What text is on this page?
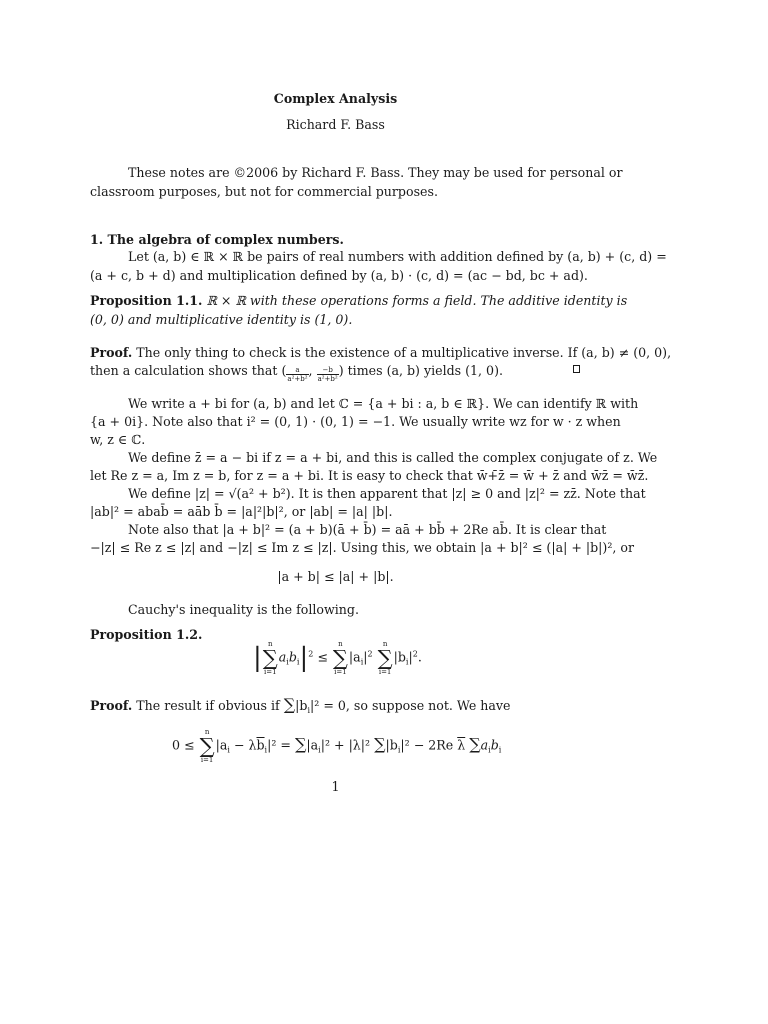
Complex Analysis
Richard F. Bass
These notes are ©2006 by Richard F. Bass. They may be used for personal or
classroom purposes, but not for commercial purposes.
1. The algebra of complex numbers.
Let (a, b) ∈ ℝ × ℝ be pairs of real numbers with addition defined by (a, b) + (c, d) =
(a + c, b + d) and multiplication defined by (a, b) · (c, d) = (ac − bd, bc + ad).
Proposition 1.1. ℝ × ℝ with these operations forms a field. The additive identity is
(0, 0) and multiplicative identity is (1, 0).
Proof. The only thing to check is the existence of a multiplicative inverse. If (a, b) ≠ (0, 0),
then a calculation shows that ( $\frac{a}{\text{a²+b²}}$ , $\frac{-b}{\text{a²+b²}}$ ) times (a, b) yields (1, 0).
We write a + bi for (a, b) and let ℂ = {a + bi : a, b ∈ ℝ}. We can identify ℝ with
{a + 0i}. Note also that i² = (0, 1) · (0, 1) = −1. We usually write wz for w · z when
w, z ∈ ℂ.
We define z̄ = a − bi if z = a + bi, and this is called the complex conjugate of z. We
let Re z = a, Im z = b, for z = a + bi. It is easy to check that w̄+̄z̄ = w̄ + z̄ and w̄z̄ = w̄z̄.
We define |z| = √(a² + b²). It is then apparent that |z| ≥ 0 and |z|² = zz̄. Note that
|ab|² = abab̄ = aāb b̄ = |a|²|b|², or |ab| = |a| |b|.
Note also that |a + b|² = (a + b)(ā + b̄) = aā + bb̄ + 2Re ab̄. It is clear that
−|z| ≤ Re z ≤ |z| and −|z| ≤ Im z ≤ |z|. Using this, we obtain |a + b|² ≤ (|a| + |b|)², or
|a + b| ≤ |a| + |b|.
Cauchy's inequality is the following.
Proposition 1.2.
| n
∑
i=1
$a_ib_i|^2$ ≤
n
∑
i=1
$|a_i|^2$
n
∑
i=1
$|b_i|^2$.
Proof. The result if obvious if $\sum|b_i|^2 = 0$, so suppose not. We have
0 ≤
n
∑
i=1
$|a_i - \lambda\overline{b}_i|^2 = \sum|a_i|^2 + |\lambda|^2$ $\sum|b_i|^2 - 2Re$ $\overline{\lambda}$ $\sum a_ib_i$
1
